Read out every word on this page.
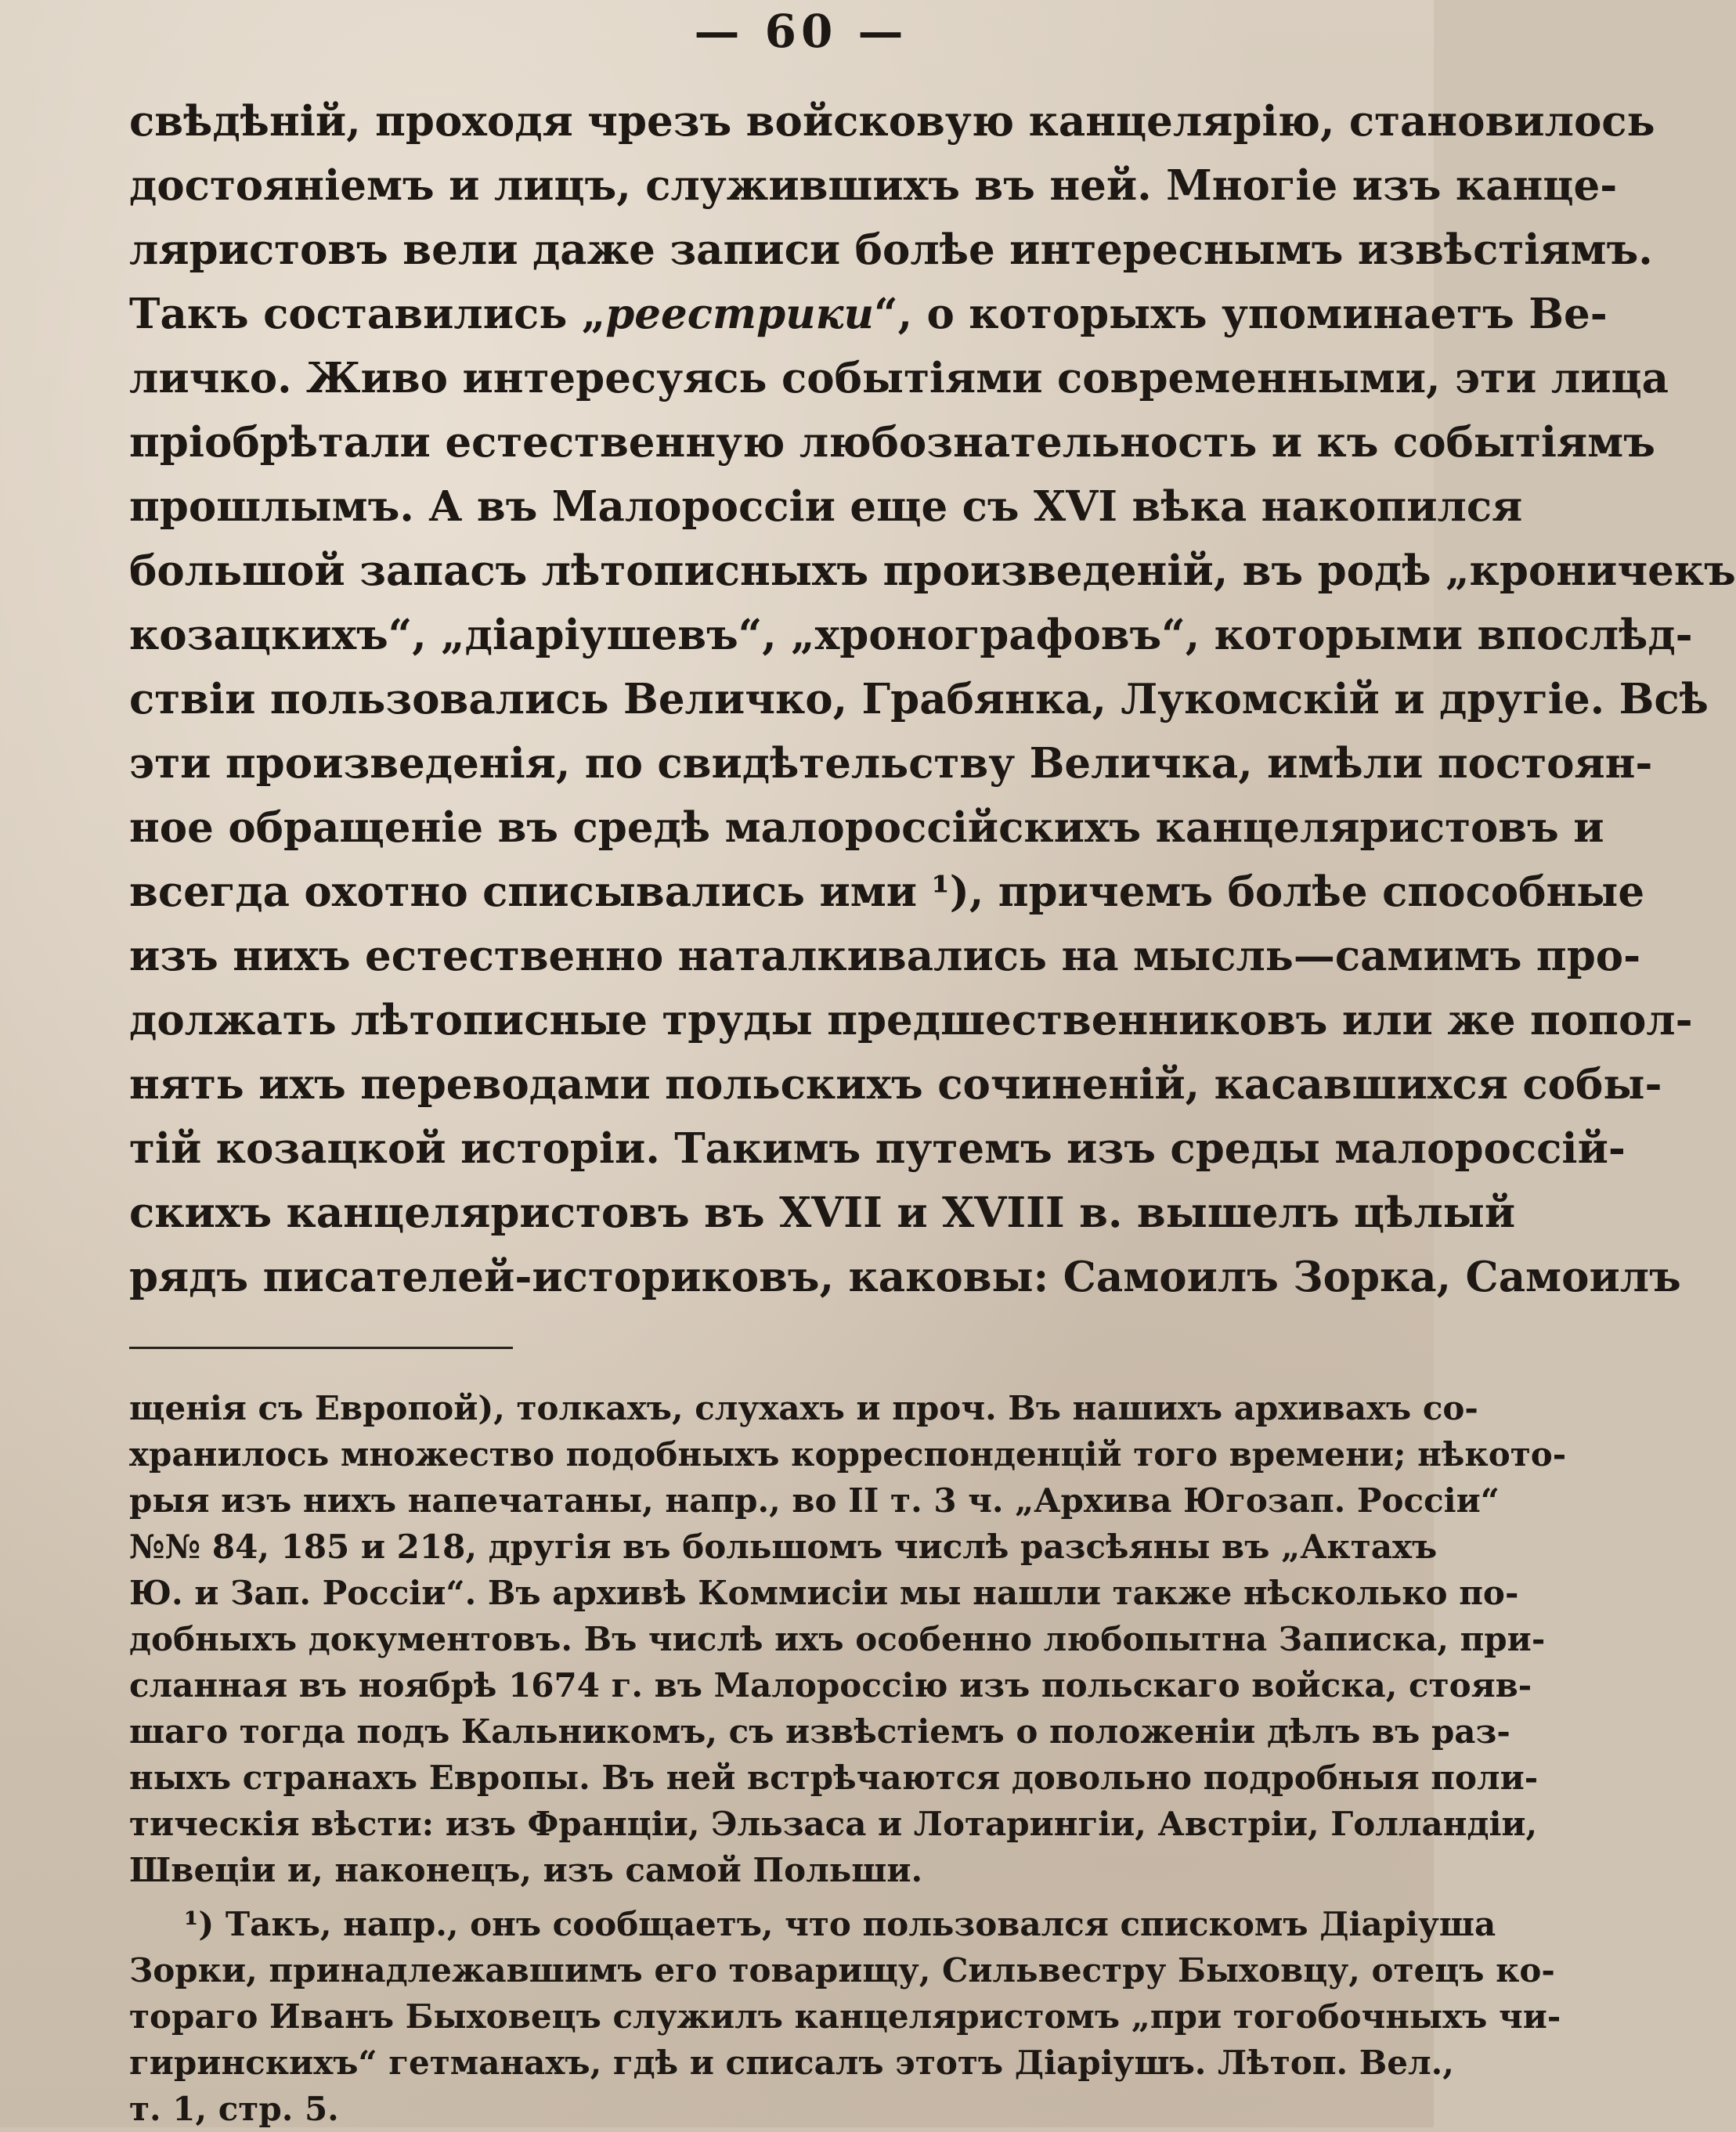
— 60 —
свѣдѣній, проходя чрезъ войсковую канцелярію, становилось
достояніемъ и лицъ, служившихъ въ ней. Многіе изъ канце-
ляристовъ вели даже записи болѣе интереснымъ извѣстіямъ.
Такъ составились „реестрики“, о которыхъ упоминаетъ Ве-
личко. Живо интересуясь событіями современными, эти лица
пріобрѣтали естественную любознательность и къ событіямъ
прошлымъ. А въ Малороссіи еще съ XVI вѣка накопился
большой запасъ лѣтописныхъ произведеній, въ родѣ „кроничекъ
козацкихъ“, „діаріушевъ“, „хронографовъ“, которыми впослѣд-
ствіи пользовались Величко, Грабянка, Лукомскій и другіе. Всѣ
эти произведенія, по свидѣтельству Величка, имѣли постоян-
ное обращеніе въ средѣ малороссійскихъ канцеляристовъ и
всегда охотно списывались ими ¹), причемъ болѣе способные
изъ нихъ естественно наталкивались на мысль—самимъ про-
должать лѣтописные труды предшественниковъ или же попол-
нять ихъ переводами польскихъ сочиненій, касавшихся собы-
тій козацкой исторіи. Такимъ путемъ изъ среды малороссій-
скихъ канцеляристовъ въ XVII и XVIII в. вышелъ цѣлый
рядъ писателей-историковъ, каковы: Самоилъ Зорка, Самоилъ
щенія съ Европой), толкахъ, слухахъ и проч. Въ нашихъ архивахъ со-
хранилось множество подобныхъ корреспонденцій того времени; нѣкото-
рыя изъ нихъ напечатаны, напр., во II т. 3 ч. „Архива Югозап. Россіи“
№№ 84, 185 и 218, другія въ большомъ числѣ разсѣяны въ „Актахъ
Ю. и Зап. Россіи“. Въ архивѣ Коммисіи мы нашли также нѣсколько по-
добныхъ документовъ. Въ числѣ ихъ особенно любопытна Записка, при-
сланная въ ноябрѣ 1674 г. въ Малороссію изъ польскаго войска, стояв-
шаго тогда подъ Кальникомъ, съ извѣстіемъ о положеніи дѣлъ въ раз-
ныхъ странахъ Европы. Въ ней встрѣчаются довольно подробныя поли-
тическія вѣсти: изъ Франціи, Эльзаса и Лотарингіи, Австріи, Голландіи,
Швеціи и, наконецъ, изъ самой Польши.
¹) Такъ, напр., онъ сообщаетъ, что пользовался спискомъ Діаріуша
Зорки, принадлежавшимъ его товарищу, Сильвестру Быховцу, отецъ ко-
тораго Иванъ Быховецъ служилъ канцеляристомъ „при тогобочныхъ чи-
гиринскихъ“ гетманахъ, гдѣ и списалъ этотъ Діаріушъ. Лѣтоп. Вел.,
т. 1, стр. 5.
